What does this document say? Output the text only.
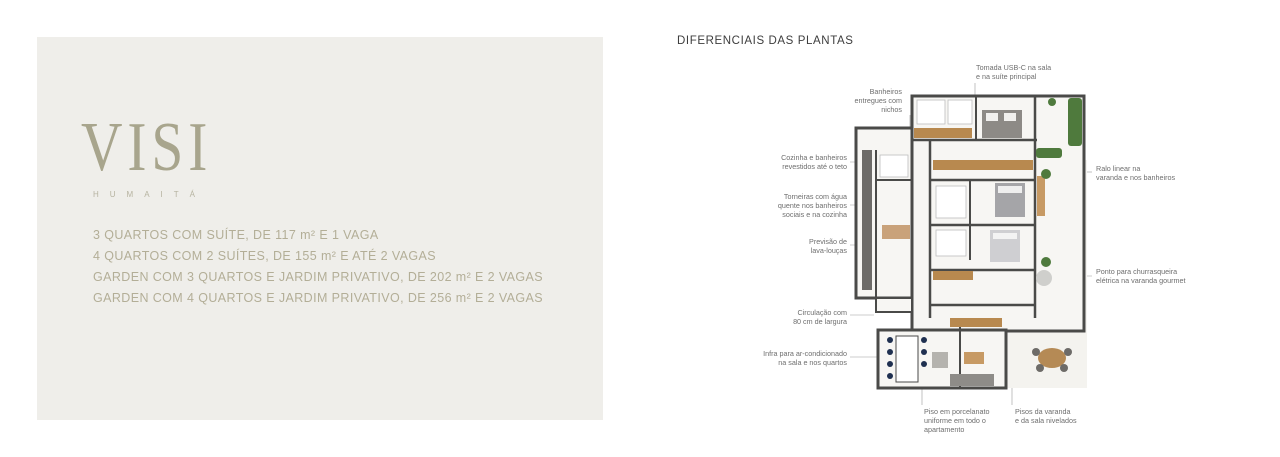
VISI
HUMAITÁ
3 QUARTOS COM SUÍTE, DE 117 m² E 1 VAGA
4 QUARTOS COM 2 SUÍTES, DE 155 m² E ATÉ 2 VAGAS
GARDEN COM 3 QUARTOS E JARDIM PRIVATIVO, DE 202 m² E 2 VAGAS
GARDEN COM 4 QUARTOS E JARDIM PRIVATIVO, DE 256 m² E 2 VAGAS
DIFERENCIAIS DAS PLANTAS
Banheiros
entregues com
nichos
Tomada USB-C na sala
e na suíte principal
Cozinha e banheiros
revestidos até o teto	Ralo linear na
varanda e nos banheiros
Torneiras com água
quente nos banheiros
sociais e na cozinha
Previsão de
lava-louças
Ponto para churrasqueira
elétrica na varanda gourmet
Circulação com
80 cm de largura
Infra para ar-condicionado
na sala e nos quartos
Piso em porcelanato
uniforme em todo o
apartamento
Pisos da varanda
e da sala nivelados
